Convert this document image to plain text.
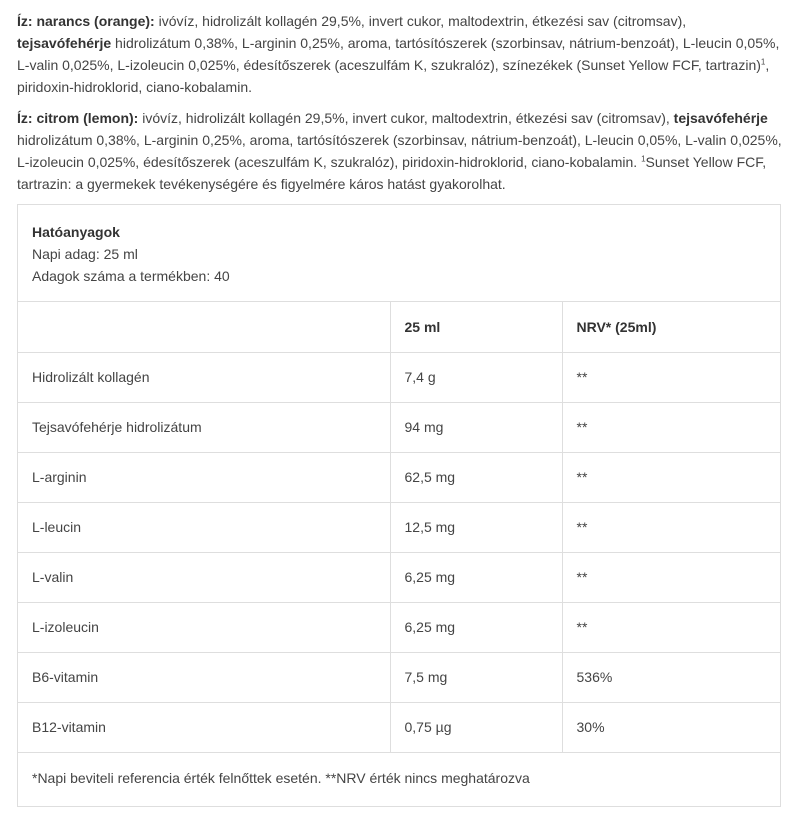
Íz: narancs (orange): ivóvíz, hidrolizált kollagén 29,5%, invert cukor, maltodextrin, étkezési sav (citromsav), tejsavófehérje hidrolizátum 0,38%, L-arginin 0,25%, aroma, tartósítószerek (szorbinsav, nátrium-benzoát), L-leucin 0,05%, L-valin 0,025%, L-izoleucin 0,025%, édesítőszerek (aceszulfám K, szukralóz), színezékek (Sunset Yellow FCF, tartrazin)$^1$, piridoxin-hidroklorid, ciano-kobalamin.

Íz: citrom (lemon): ivóvíz, hidrolizált kollagén 29,5%, invert cukor, maltodextrin, étkezési sav (citromsav), tejsavófehérje hidrolizátum 0,38%, L-arginin 0,25%, aroma, tartósítószerek (szorbinsav, nátrium-benzoát), L-leucin 0,05%, L-valin 0,025%, L-izoleucin 0,025%, édesítőszerek (aceszulfám K, szukralóz), piridoxin-hidroklorid, ciano-kobalamin. $^1$Sunset Yellow FCF, tartrazin: a gyermekek tevékenységére és figyelmére káros hatást gyakorolhat.

Hatóanyagok
Napi adag: 25 ml
Adagok száma a termékben: 40
	25 ml	NRV* (25ml)
Hidrolizált kollagén	7,4 g	**
Tejsavófehérje hidrolizátum	94 mg	**
L-arginin	62,5 mg	**
L-leucin	12,5 mg	**
L-valin	6,25 mg	**
L-izoleucin	6,25 mg	**
B6-vitamin	7,5 mg	536%
B12-vitamin	0,75 µg	30%
*Napi beviteli referencia érték felnőttek esetén. **NRV érték nincs meghatározva
